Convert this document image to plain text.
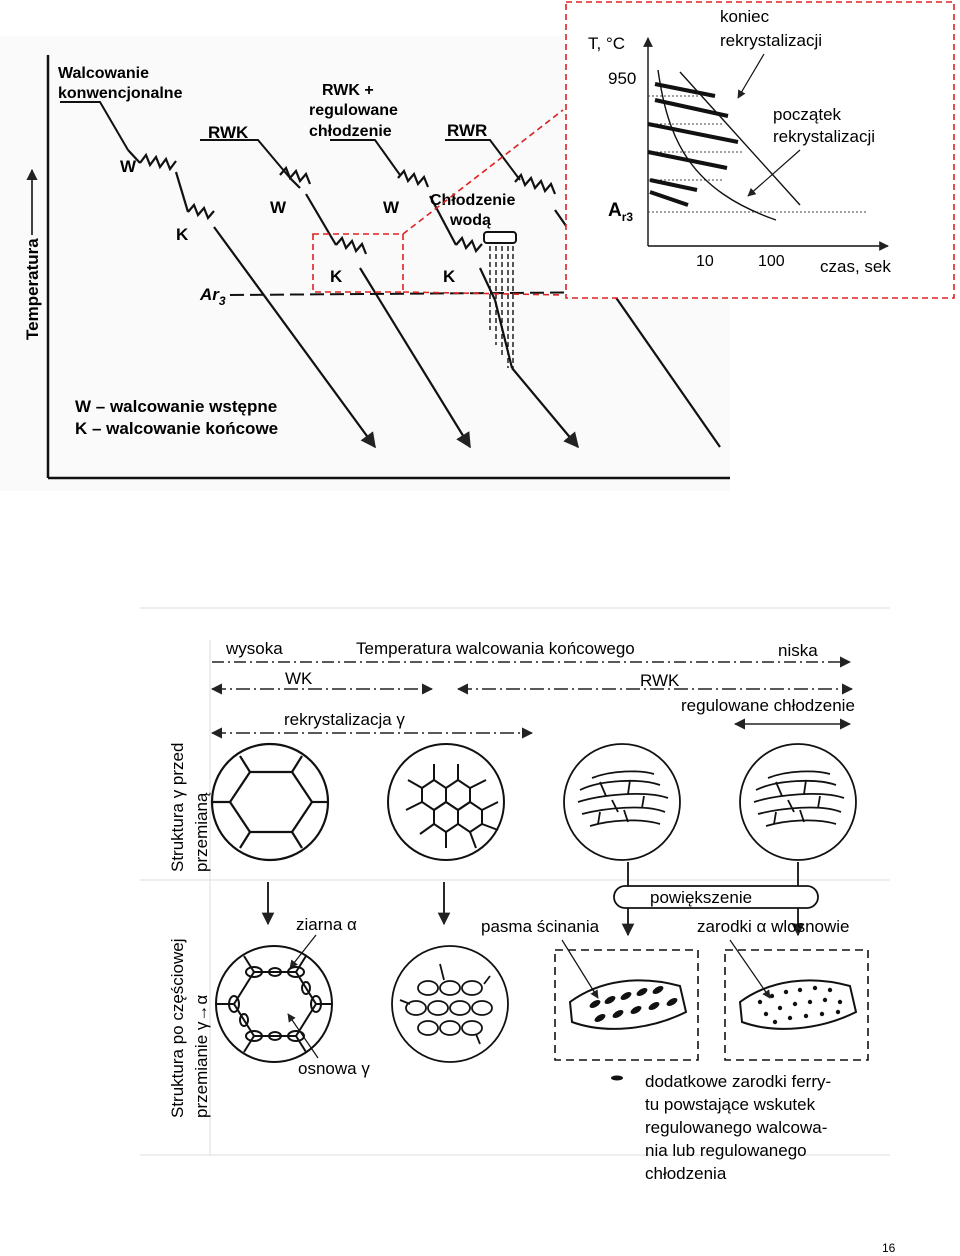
Temperatura
Walcowanie
konwencjonalne
RWK
RWK +
regulowane
chłodzenie	RWR
$Ar_3$
W
K
W
K
W
K
Chłodzenie
wodą
W – walcowanie wstępne
K – walcowanie końcowe
T, °C
950
$A_{r3}$
10	100 czas, sek
koniec
rekrystalizacji
początek
rekrystalizacji
wysoka	Temperatura walcowania końcowego	niska
WK	RWK
regulowane chłodzenie
rekrystalizacja γ
Struktura γ przed przemianą
Struktura po częściowej przemianie γ→α
powiększenie
ziarna α	pasma ścinania	zarodki α wlosnowie
osnowa γ
dodatkowe zarodki ferry-
tu powstające wskutek
regulowanego walcowa-
nia lub regulowanego
chłodzenia
16
